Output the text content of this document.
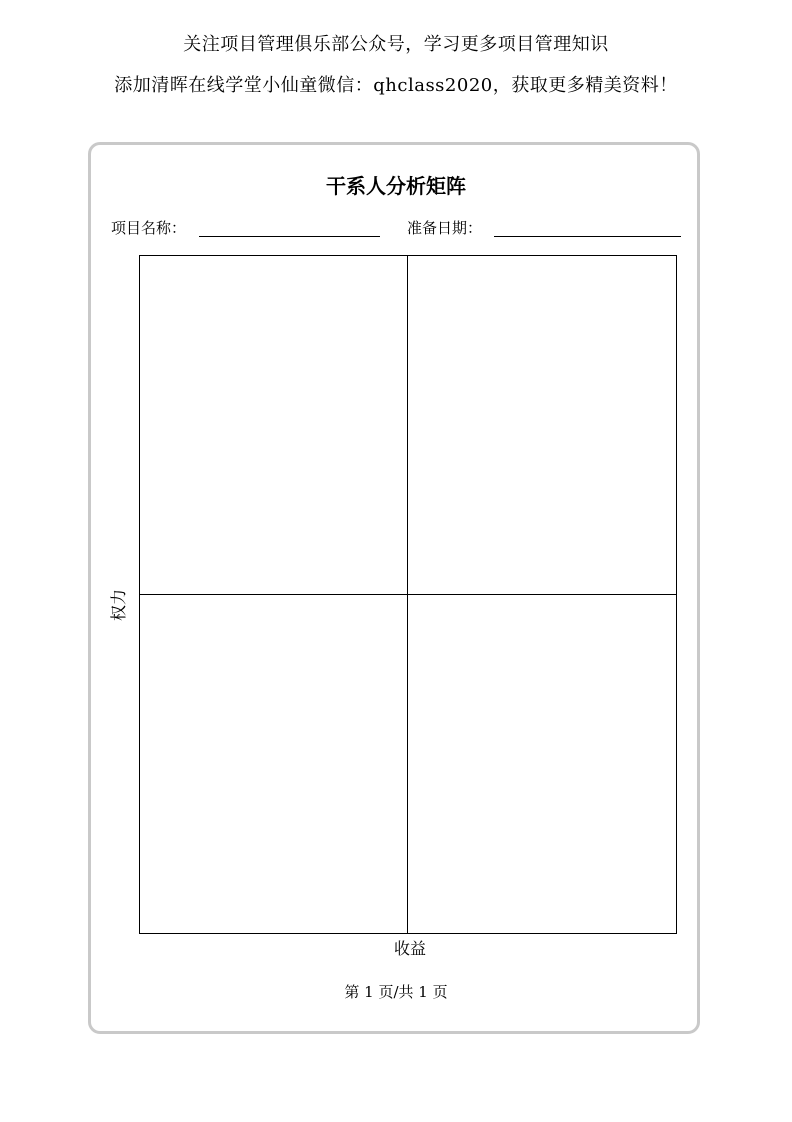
关注项目管理俱乐部公众号，学习更多项目管理知识
添加清晖在线学堂小仙童微信：qhclass2020，获取更多精美资料！
干系人分析矩阵
项目名称：	准备日期：
权力
收益
第 1 页/共 1 页
